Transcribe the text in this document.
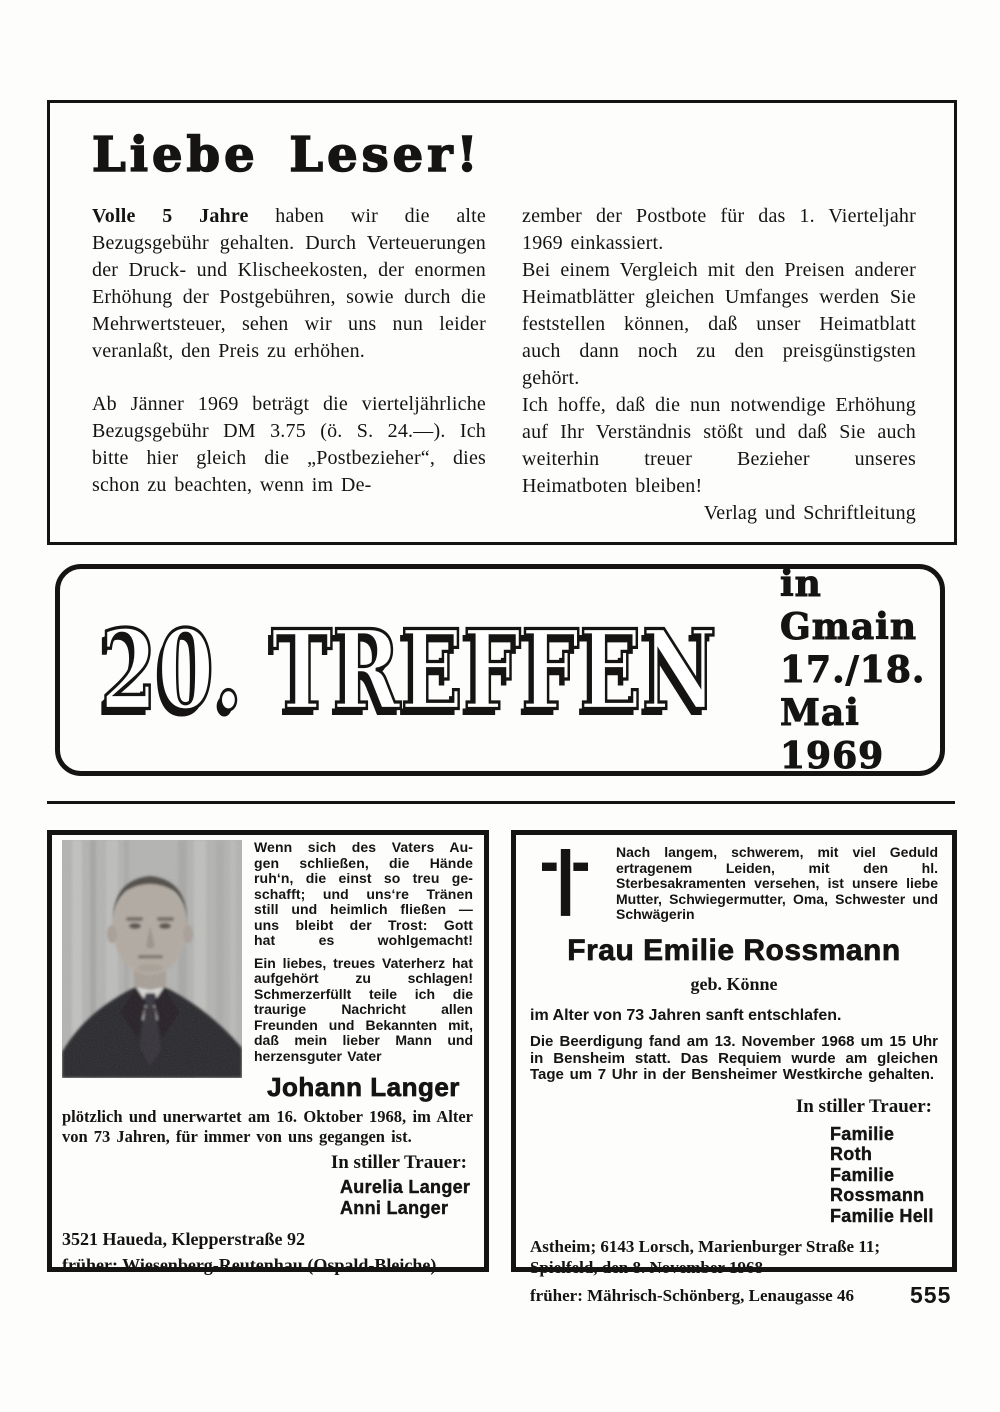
Liebe Leser!

Volle 5 Jahre haben wir die alte Bezugsgebühr gehalten. Durch Verteuerungen der Druck- und Klischeekosten, der enormen Erhöhung der Postgebühren, sowie durch die Mehrwertsteuer, sehen wir uns nun leider veranlaßt, den Preis zu erhöhen.

Ab Jänner 1969 beträgt die vierteljährliche Bezugsgebühr DM 3.75 (ö. S. 24.—). Ich bitte hier gleich die „Postbezieher“, dies schon zu beachten, wenn im De-

zember der Postbote für das 1. Vierteljahr 1969 einkassiert.

Bei einem Vergleich mit den Preisen anderer Heimatblätter gleichen Umfanges werden Sie feststellen können, daß unser Heimatblatt auch dann noch zu den preisgünstigsten gehört.

Ich hoffe, daß die nun notwendige Erhöhung auf Ihr Verständnis stößt und daß Sie auch weiterhin treuer Bezieher unseres Heimatboten bleiben!

Verlag und Schriftleitung

20. TREFFEN
in Gmain
17./18.
Mai 1969
Wenn sich des Vaters Au-
gen schließen, die Hände
ruh‘n, die einst so treu ge-
schafft; und uns‘re Tränen
still und heimlich fließen —
uns bleibt der Trost: Gott
hat es wohlgemacht!

Ein liebes, treues Vaterherz hat aufgehört zu schlagen! Schmerzerfüllt teile ich die traurige Nachricht allen Freunden und Bekannten mit, daß mein lieber Mann und herzensguter Vater

Johann Langer

plötzlich und unerwartet am 16. Oktober 1968, im Alter von 73 Jahren, für immer von uns gegangen ist.

In stiller Trauer:
Aurelia Langer
Anni Langer
3521 Haueda, Klepperstraße 92
früher: Wiesenberg-Reutenhau (Ospald-Bleiche)

Nach langem, schwerem, mit viel Geduld ertragenem Leiden, mit den hl. Sterbesakramenten versehen, ist unsere liebe Mutter, Schwiegermutter, Oma, Schwester und Schwägerin

Frau Emilie Rossmann
geb. Könne

im Alter von 73 Jahren sanft entschlafen.

Die Beerdigung fand am 13. November 1968 um 15 Uhr in Bensheim statt. Das Requiem wurde am gleichen Tage um 7 Uhr in der Bensheimer Westkirche gehalten.

In stiller Trauer:
Familie Roth
Familie Rossmann
Familie Hell
Astheim; 6143 Lorsch, Marienburger Straße 11;
Spielfeld, den 8. November 1968
früher: Mährisch-Schönberg, Lenaugasse 46	555
